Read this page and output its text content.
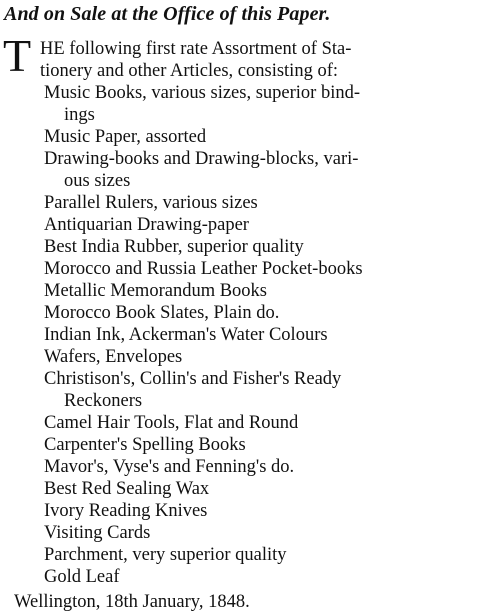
And on Sale at the Office of this Paper.
T HE following first rate Assortment of Sta-
tionery and other Articles, consisting of:
Music Books, various sizes, superior bind-
ings
Music Paper, assorted
Drawing-books and Drawing-blocks, vari-
ous sizes
Parallel Rulers, various sizes
Antiquarian Drawing-paper
Best India Rubber, superior quality
Morocco and Russia Leather Pocket-books
Metallic Memorandum Books
Morocco Book Slates, Plain do.
Indian Ink, Ackerman's Water Colours
Wafers, Envelopes
Christison's, Collin's and Fisher's Ready
Reckoners
Camel Hair Tools, Flat and Round
Carpenter's Spelling Books
Mavor's, Vyse's and Fenning's do.
Best Red Sealing Wax
Ivory Reading Knives
Visiting Cards
Parchment, very superior quality
Gold Leaf
Wellington, 18th January, 1848.
